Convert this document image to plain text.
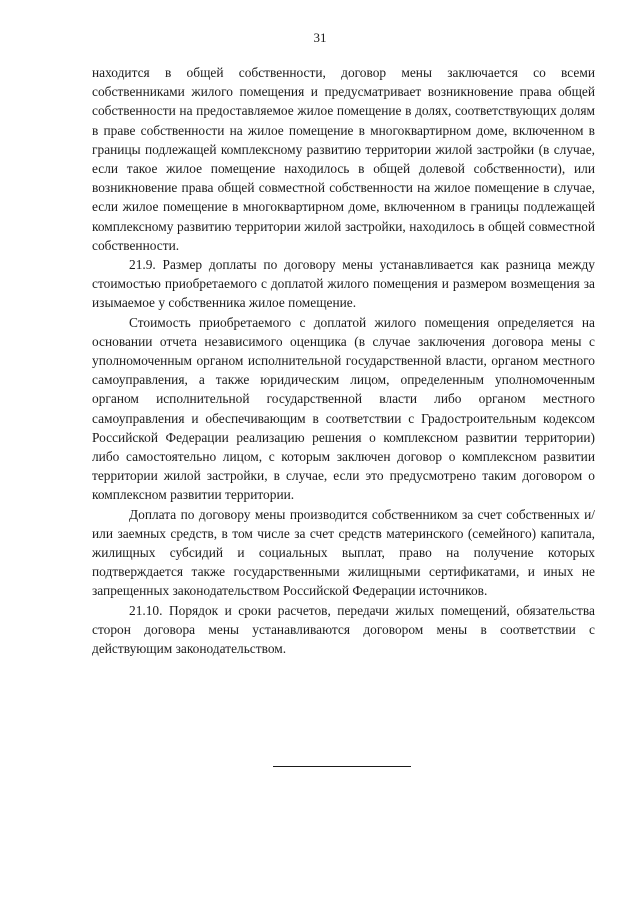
31

находится в общей собственности, договор мены заключается со всеми собственниками жилого помещения и предусматривает возникновение права общей собственности на предоставляемое жилое помещение в долях, соответствующих долям в праве собственности на жилое помещение в многоквартирном доме, включенном в границы подлежащей комплексному развитию территории жилой застройки (в случае, если такое жилое помещение находилось в общей долевой собственности), или возникновение права общей совместной собственности на жилое помещение в случае, если жилое помещение в многоквартирном доме, включенном в границы подлежащей комплексному развитию территории жилой застройки, находилось в общей совместной собственности.

21.9. Размер доплаты по договору мены устанавливается как разница между стоимостью приобретаемого с доплатой жилого помещения и размером возмещения за изымаемое у собственника жилое помещение.

Стоимость приобретаемого с доплатой жилого помещения определяется на основании отчета независимого оценщика (в случае заключения договора мены с уполномоченным органом исполнительной государственной власти, органом местного самоуправления, а также юридическим лицом, определенным уполномоченным органом исполнительной государственной власти либо органом местного самоуправления и обеспечивающим в соответствии с Градостроительным кодексом Российской Федерации реализацию решения о комплексном развитии территории) либо самостоятельно лицом, с которым заключен договор о комплексном развитии территории жилой застройки, в случае, если это предусмотрено таким договором о комплексном развитии территории.

Доплата по договору мены производится собственником за счет собственных и/или заемных средств, в том числе за счет средств материнского (семейного) капитала, жилищных субсидий и социальных выплат, право на получение которых подтверждается также государственными жилищными сертификатами, и иных не запрещенных законодательством Российской Федерации источников.

21.10. Порядок и сроки расчетов, передачи жилых помещений, обязательства сторон договора мены устанавливаются договором мены в соответствии с действующим законодательством.
